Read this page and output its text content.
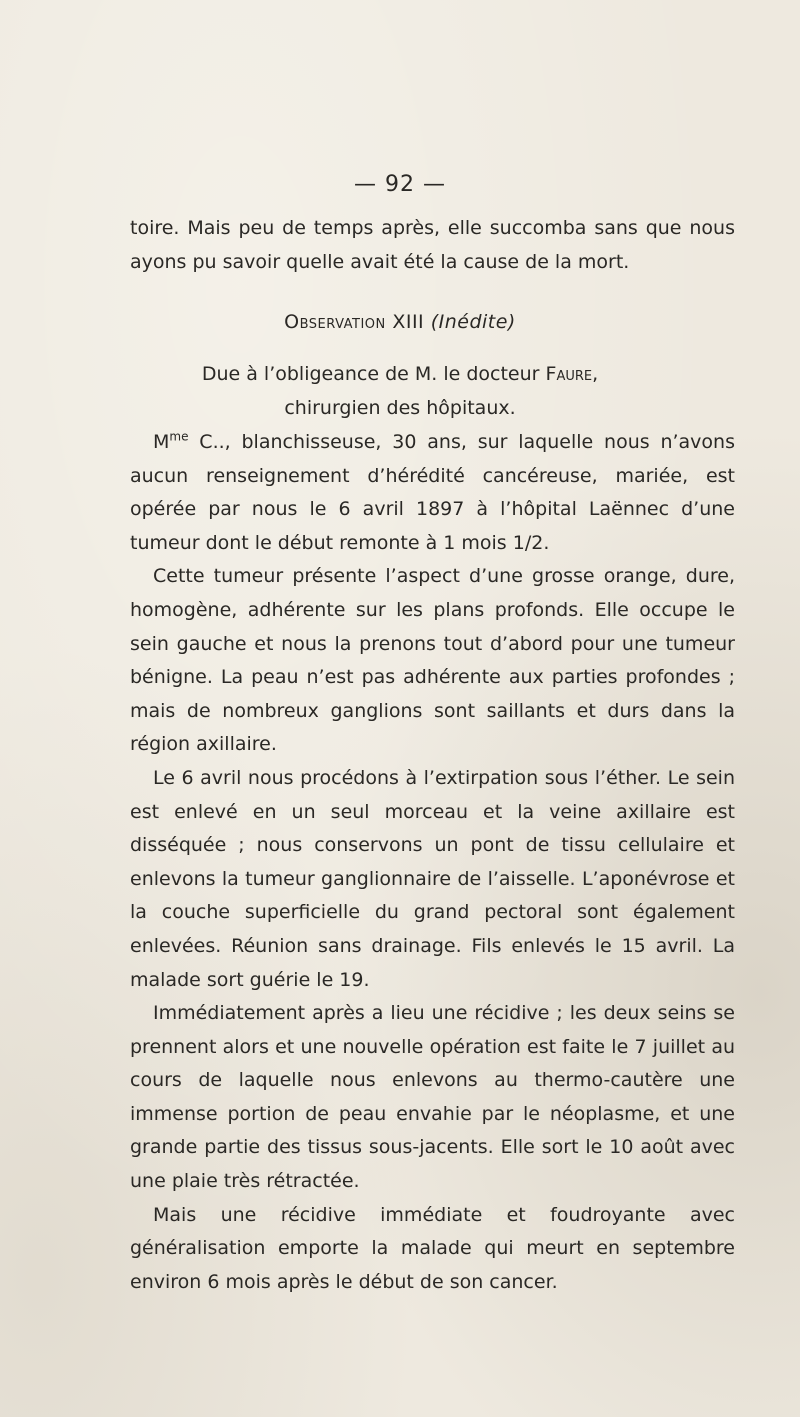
— 92 —

toire. Mais peu de temps après, elle succomba sans que nous ayons pu savoir quelle avait été la cause de la mort.

Observation XIII (Inédite)
Due à l’obligeance de M. le docteur Faure,
chirurgien des hôpitaux.

$M^{me}$ C.., blanchisseuse, 30 ans, sur laquelle nous n’avons aucun renseignement d’hérédité cancéreuse, mariée, est opérée par nous le 6 avril 1897 à l’hôpital Laënnec d’une tumeur dont le début remonte à 1 mois 1/2.

Cette tumeur présente l’aspect d’une grosse orange, dure, homogène, adhérente sur les plans profonds. Elle occupe le sein gauche et nous la prenons tout d’abord pour une tumeur bénigne. La peau n’est pas adhérente aux parties profondes ; mais de nombreux ganglions sont saillants et durs dans la région axillaire.

Le 6 avril nous procédons à l’extirpation sous l’éther. Le sein est enlevé en un seul morceau et la veine axillaire est disséquée ; nous conservons un pont de tissu cellulaire et enlevons la tumeur ganglionnaire de l’aisselle. L’aponévrose et la couche superficielle du grand pectoral sont également enlevées. Réunion sans drainage. Fils enlevés le 15 avril. La malade sort guérie le 19.

Immédiatement après a lieu une récidive ; les deux seins se prennent alors et une nouvelle opération est faite le 7 juillet au cours de laquelle nous enlevons au thermo-cautère une immense portion de peau envahie par le néoplasme, et une grande partie des tissus sous-jacents. Elle sort le 10 août avec une plaie très rétractée.

Mais une récidive immédiate et foudroyante avec généralisation emporte la malade qui meurt en septembre environ 6 mois après le début de son cancer.
